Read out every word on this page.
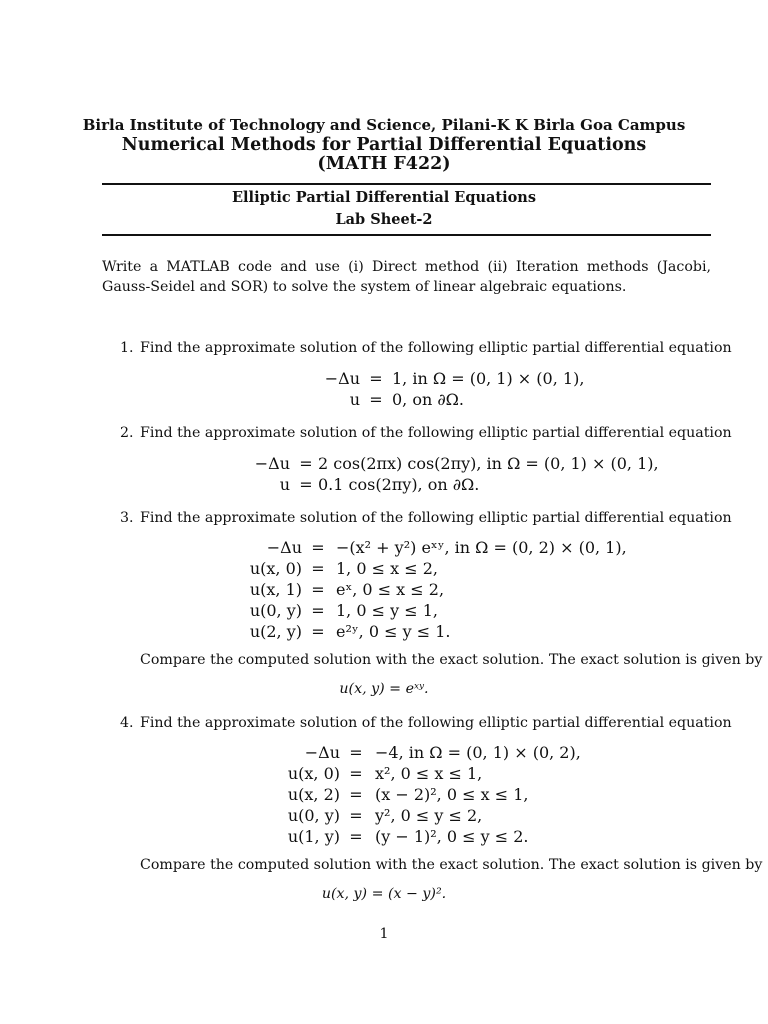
Birla Institute of Technology and Science, Pilani-K K Birla Goa Campus
Numerical Methods for Partial Differential Equations
(MATH F422)
Elliptic Partial Differential Equations
Lab Sheet-2
Write a MATLAB code and use (i) Direct method (ii) Iteration methods (Jacobi, Gauss-Seidel and SOR) to solve the system of linear algebraic equations.
1. Find the approximate solution of the following elliptic partial differential equation
−Δu = 1, in Ω = (0, 1) × (0, 1),
u = 0, on ∂Ω.
2. Find the approximate solution of the following elliptic partial differential equation
−Δu = 2 cos(2πx) cos(2πy), in Ω = (0, 1) × (0, 1),
u = 0.1 cos(2πy), on ∂Ω.
3. Find the approximate solution of the following elliptic partial differential equation
−Δu = −(x² + y²) eˣʸ, in Ω = (0, 2) × (0, 1),
u(x, 0) = 1, 0 ≤ x ≤ 2,
u(x, 1) = eˣ, 0 ≤ x ≤ 2,
u(0, y) = 1, 0 ≤ y ≤ 1,
u(2, y) = e²ʸ, 0 ≤ y ≤ 1.
Compare the computed solution with the exact solution. The exact solution is given by
u(x, y) = eˣʸ.
4. Find the approximate solution of the following elliptic partial differential equation
−Δu = −4, in Ω = (0, 1) × (0, 2),
u(x, 0) = x², 0 ≤ x ≤ 1,
u(x, 2) = (x − 2)², 0 ≤ x ≤ 1,
u(0, y) = y², 0 ≤ y ≤ 2,
u(1, y) = (y − 1)², 0 ≤ y ≤ 2.
Compare the computed solution with the exact solution. The exact solution is given by
u(x, y) = (x − y)².
1
